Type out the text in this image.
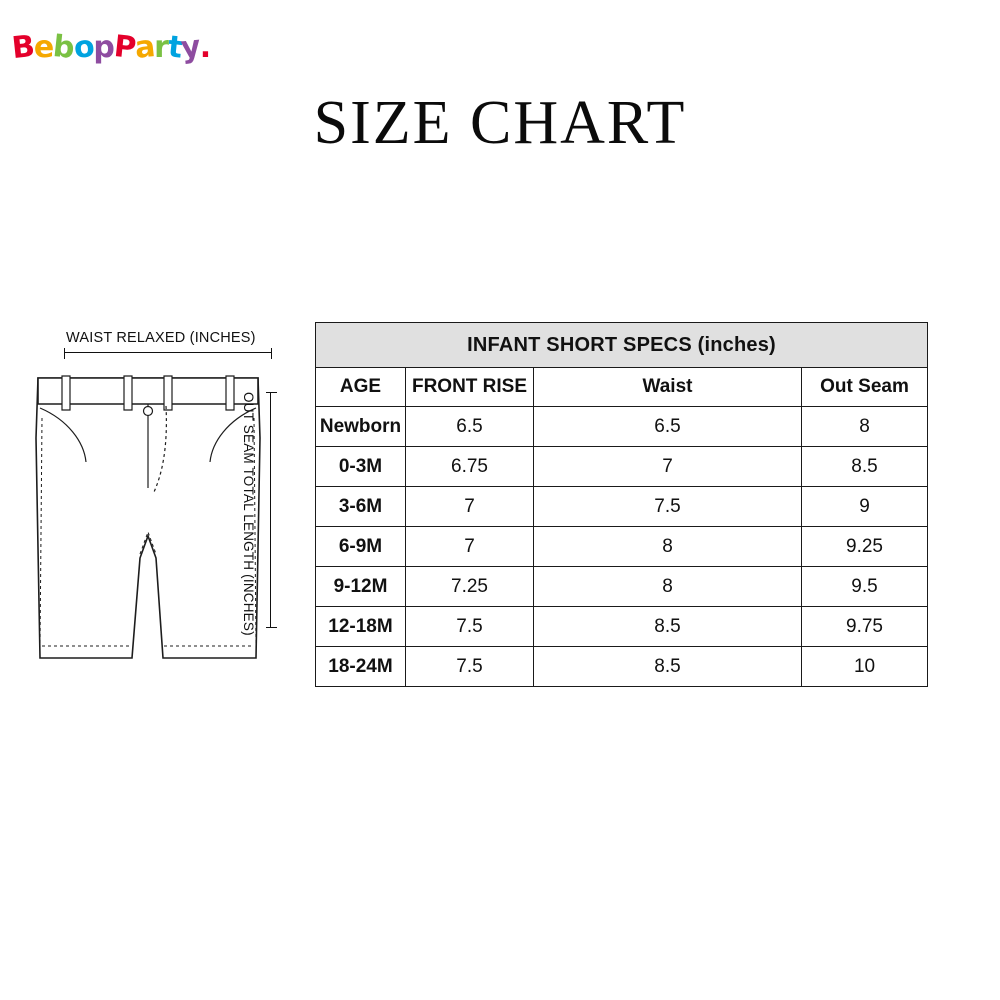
BebopParty.
SIZE CHART
WAIST RELAXED (INCHES)
OUT SEAM TOTAL LENGTH (INCHES)
INFANT SHORT SPECS (inches)			
AGE	FRONT RISE	Waist	Out Seam
Newborn	6.5	6.5	8
0-3M	6.75	7	8.5
3-6M	7	7.5	9
6-9M	7	8	9.25
9-12M	7.25	8	9.5
12-18M	7.5	8.5	9.75
18-24M	7.5	8.5	10
